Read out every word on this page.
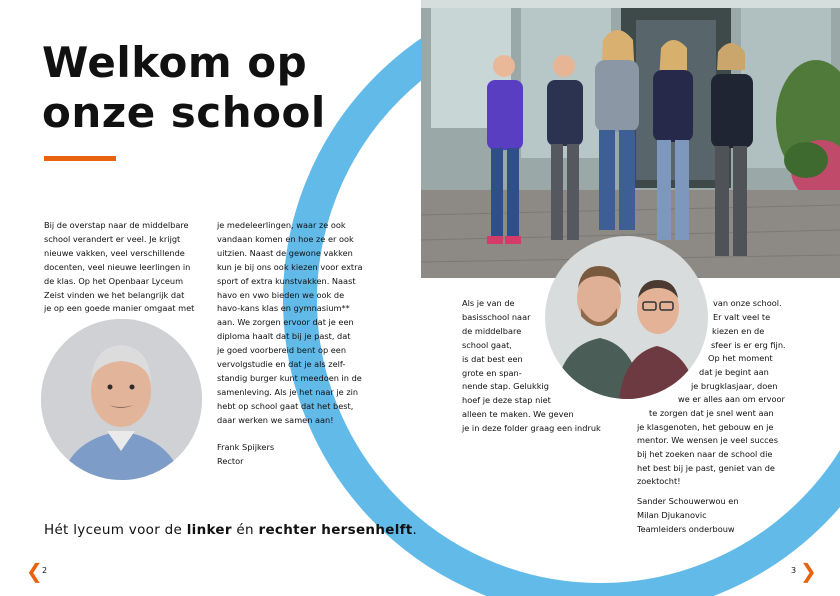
Welkom op
onze school

Bij de overstap naar de middelbare

school verandert er veel. Je krijgt

nieuwe vakken, veel verschillende

docenten, veel nieuwe leerlingen in

de klas. Op het Openbaar Lyceum

Zeist vinden we het belangrijk dat

je op een goede manier omgaat met

je medeleerlingen, waar ze ook

vandaan komen en hoe ze er ook

uitzien. Naast de gewone vakken

kun je bij ons ook kiezen voor extra

sport of extra kunstvakken. Naast

havo en vwo bieden we ook de

havo-kans klas en gymnasium**

aan. We zorgen ervoor dat je een

diploma haalt dat bij je past, dat

je goed voorbereid bent op een

vervolgstudie en dat je als zelf-

standig burger kunt meedoen in de

samenleving. Als je het naar je zin

hebt op school gaat dat het best,

daar werken we samen aan!

Frank Spijkers

Rector

Hét lyceum voor de linker én rechter hersenhelft.
❮ 2	3 ❯

Als je van de

basisschool naar

de middelbare

school gaat,

is dat best een

grote en span-

nende stap. Gelukkig

hoef je deze stap niet

alleen te maken. We geven

je in deze folder graag een indruk

van onze school.
Er valt veel te
kiezen en de
sfeer is er erg fijn.
Op het moment
dat je begint aan
je brugklasjaar, doen
we er alles aan om ervoor
te zorgen dat je snel went aan
je klasgenoten, het gebouw en je
mentor. We wensen je veel succes
bij het zoeken naar de school die
het best bij je past, geniet van de
zoektocht!

Sander Schouwerwou en

Milan Djukanovic

Teamleiders onderbouw
